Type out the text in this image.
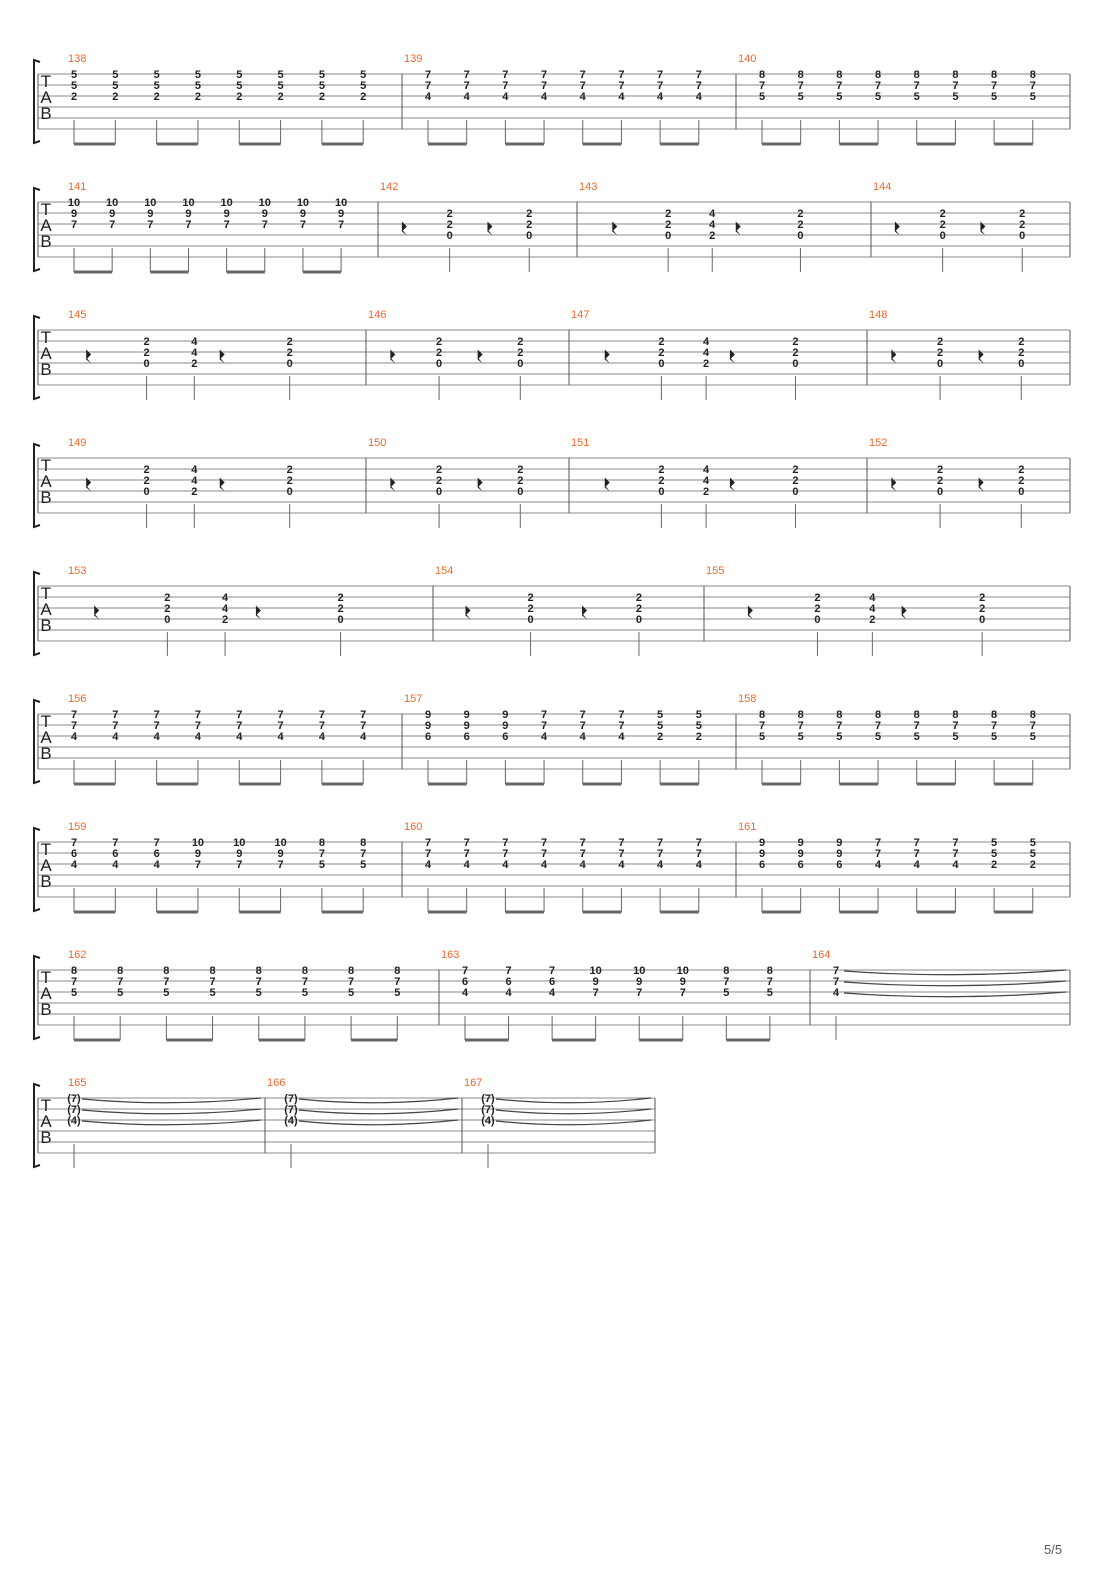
T
A
B
138
5
5
2
5
5
2
5
5
2
5
5
2
5
5
2
5
5
2
5
5
2
5
5
2
139
7
7
4
7
7
4
7
7
4
7
7
4
7
7
4
7
7
4
7
7
4
7
7
4
140
8
7
5
8
7
5
8
7
5
8
7
5
8
7
5
8
7
5
8
7
5
8
7
5
T
A
B
141
10
9
7
10
9
7
10
9
7
10
9
7
10
9
7
10
9
7
10
9
7
10
9
7
142
2
2
0
2
2
0
143
2
2
0
4
4
2
2
2
0
144
2
2
0
2
2
0
T
A
B
145
2
2
0
4
4
2
2
2
0
146
2
2
0
2
2
0
147
2
2
0
4
4
2
2
2
0
148
2
2
0
2
2
0
T
A
B
149
2
2
0
4
4
2
2
2
0
150
2
2
0
2
2
0
151
2
2
0
4
4
2
2
2
0
152
2
2
0
2
2
0
T
A
B
153
2
2
0
4
4
2
2
2
0
154
2
2
0
2
2
0
155
2
2
0
4
4
2
2
2
0
T
A
B
156
7
7
4
7
7
4
7
7
4
7
7
4
7
7
4
7
7
4
7
7
4
7
7
4
157
9
9
6
9
9
6
9
9
6
7
7
4
7
7
4
7
7
4
5
5
2
5
5
2
158
8
7
5
8
7
5
8
7
5
8
7
5
8
7
5
8
7
5
8
7
5
8
7
5
T
A
B
159
7
6
4
7
6
4
7
6
4
10
9
7
10
9
7
10
9
7
8
7
5
8
7
5
160
7
7
4
7
7
4
7
7
4
7
7
4
7
7
4
7
7
4
7
7
4
7
7
4
161
9
9
6
9
9
6
9
9
6
7
7
4
7
7
4
7
7
4
5
5
2
5
5
2
T
A
B
162
8
7
5
8
7
5
8
7
5
8
7
5
8
7
5
8
7
5
8
7
5
8
7
5
163
7
6
4
7
6
4
7
6
4
10
9
7
10
9
7
10
9
7
8
7
5
8
7
5
164
7
7
4
T
A
B
165
(7)
(7)
(4)
166
(7)
(7)
(4)
167
(7)
(7)
(4)
5/5
